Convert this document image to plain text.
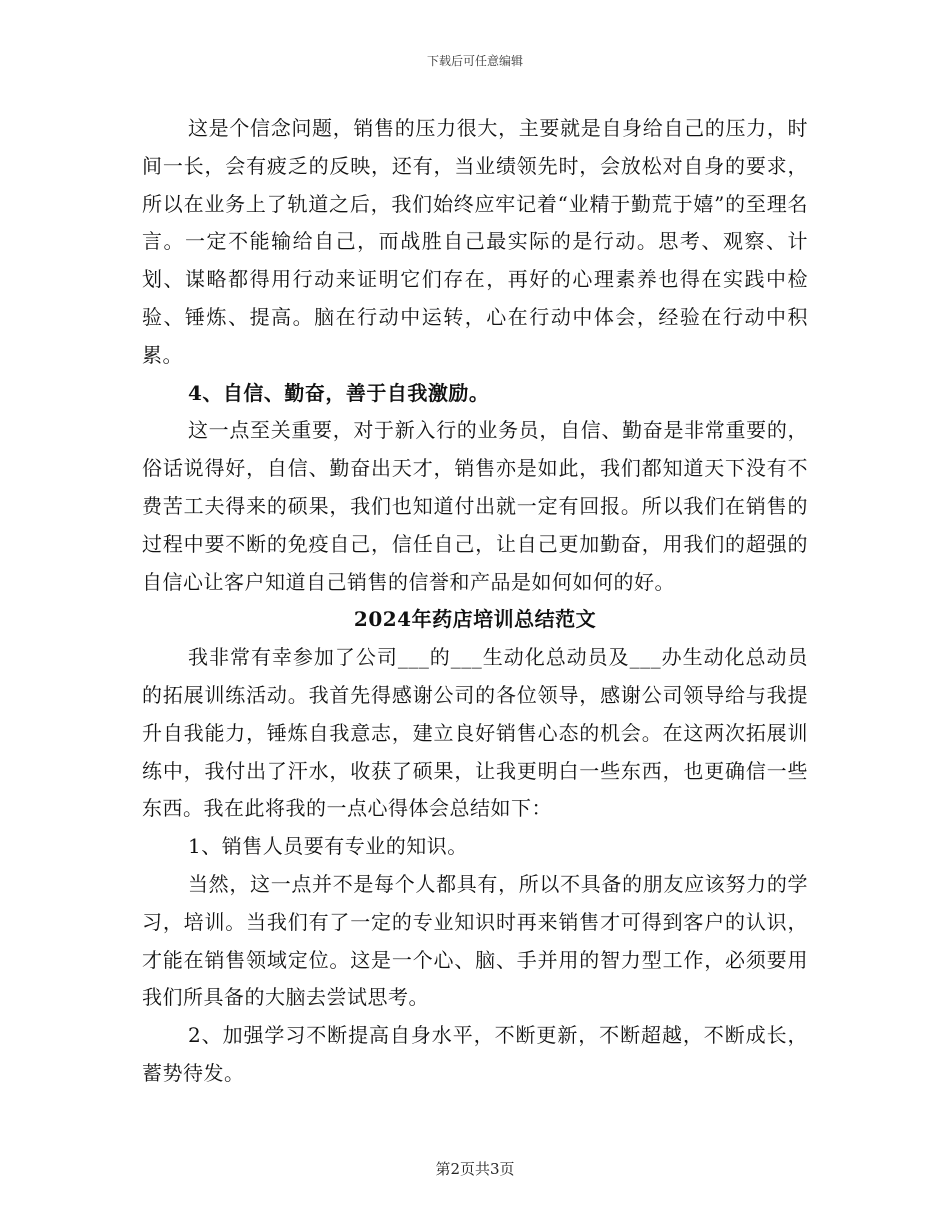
下载后可任意编辑

这是个信念问题，销售的压力很大，主要就是自身给自己的压力，时间一长，会有疲乏的反映，还有，当业绩领先时，会放松对自身的要求，所以在业务上了轨道之后，我们始终应牢记着“业精于勤荒于嬉”的至理名言。一定不能输给自己，而战胜自己最实际的是行动。思考、观察、计划、谋略都得用行动来证明它们存在，再好的心理素养也得在实践中检验、锤炼、提高。脑在行动中运转，心在行动中体会，经验在行动中积累。

4、自信、勤奋，善于自我激励。

这一点至关重要，对于新入行的业务员，自信、勤奋是非常重要的，俗话说得好，自信、勤奋出天才，销售亦是如此，我们都知道天下没有不费苦工夫得来的硕果，我们也知道付出就一定有回报。所以我们在销售的过程中要不断的免疫自己，信任自己，让自己更加勤奋，用我们的超强的自信心让客户知道自己销售的信誉和产品是如何如何的好。

2024年药店培训总结范文

我非常有幸参加了公司___的___生动化总动员及___办生动化总动员的拓展训练活动。我首先得感谢公司的各位领导，感谢公司领导给与我提升自我能力，锤炼自我意志，建立良好销售心态的机会。在这两次拓展训练中，我付出了汗水，收获了硕果，让我更明白一些东西，也更确信一些东西。我在此将我的一点心得体会总结如下：

1、销售人员要有专业的知识。

当然，这一点并不是每个人都具有，所以不具备的朋友应该努力的学习，培训。当我们有了一定的专业知识时再来销售才可得到客户的认识，才能在销售领域定位。这是一个心、脑、手并用的智力型工作，必须要用我们所具备的大脑去尝试思考。

2、加强学习不断提高自身水平，不断更新，不断超越，不断成长，蓄势待发。

第2页共3页
